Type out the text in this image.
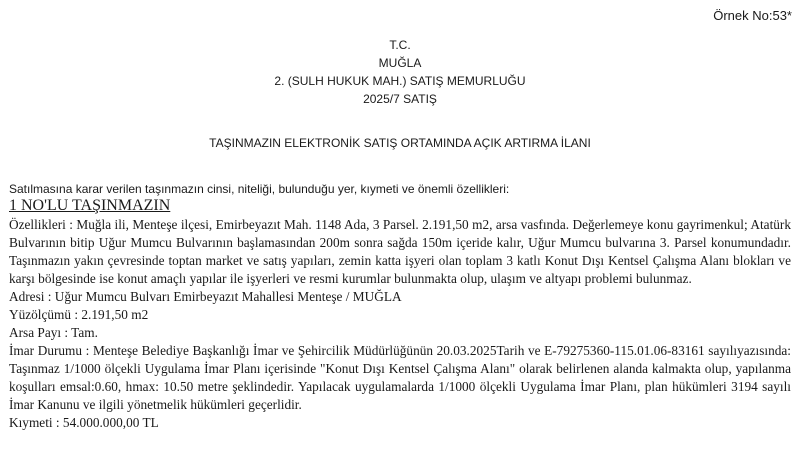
Örnek No:53*
T.C.
MUĞLA
2. (SULH HUKUK MAH.) SATIŞ MEMURLUĞU
2025/7 SATIŞ
TAŞINMAZIN ELEKTRONİK SATIŞ ORTAMINDA AÇIK ARTIRMA İLANI
Satılmasına karar verilen taşınmazın cinsi, niteliği, bulunduğu yer, kıymeti ve önemli özellikleri:
1 NO'LU TAŞINMAZIN

Özellikleri : Muğla ili, Menteşe ilçesi, Emirbeyazıt Mah. 1148 Ada, 3 Parsel. 2.191,50 m2, arsa vasfında. Değerlemeye konu gayrimenkul; Atatürk Bulvarının bitip Uğur Mumcu Bulvarının başlamasından 200m sonra sağda 150m içeride kalır, Uğur Mumcu bulvarına 3. Parsel konumundadır. Taşınmazın yakın çevresinde toptan market ve satış yapıları, zemin katta işyeri olan toplam 3 katlı Konut Dışı Kentsel Çalışma Alanı blokları ve karşı bölgesinde ise konut amaçlı yapılar ile işyerleri ve resmi kurumlar bulunmakta olup, ulaşım ve altyapı problemi bulunmaz.

Adresi : Uğur Mumcu Bulvarı Emirbeyazıt Mahallesi Menteşe / MUĞLA

Yüzölçümü : 2.191,50 m2

Arsa Payı : Tam.

İmar Durumu : Menteşe Belediye Başkanlığı İmar ve Şehircilik Müdürlüğünün 20.03.2025Tarih ve E-79275360-115.01.06-83161 sayılıyazısında: Taşınmaz 1/1000 ölçekli Uygulama İmar Planı içerisinde "Konut Dışı Kentsel Çalışma Alanı" olarak belirlenen alanda kalmakta olup, yapılanma koşulları emsal:0.60, hmax: 10.50 metre şeklindedir. Yapılacak uygulamalarda 1/1000 ölçekli Uygulama İmar Planı, plan hükümleri 3194 sayılı İmar Kanunu ve ilgili yönetmelik hükümleri geçerlidir.

Kıymeti : 54.000.000,00 TL
